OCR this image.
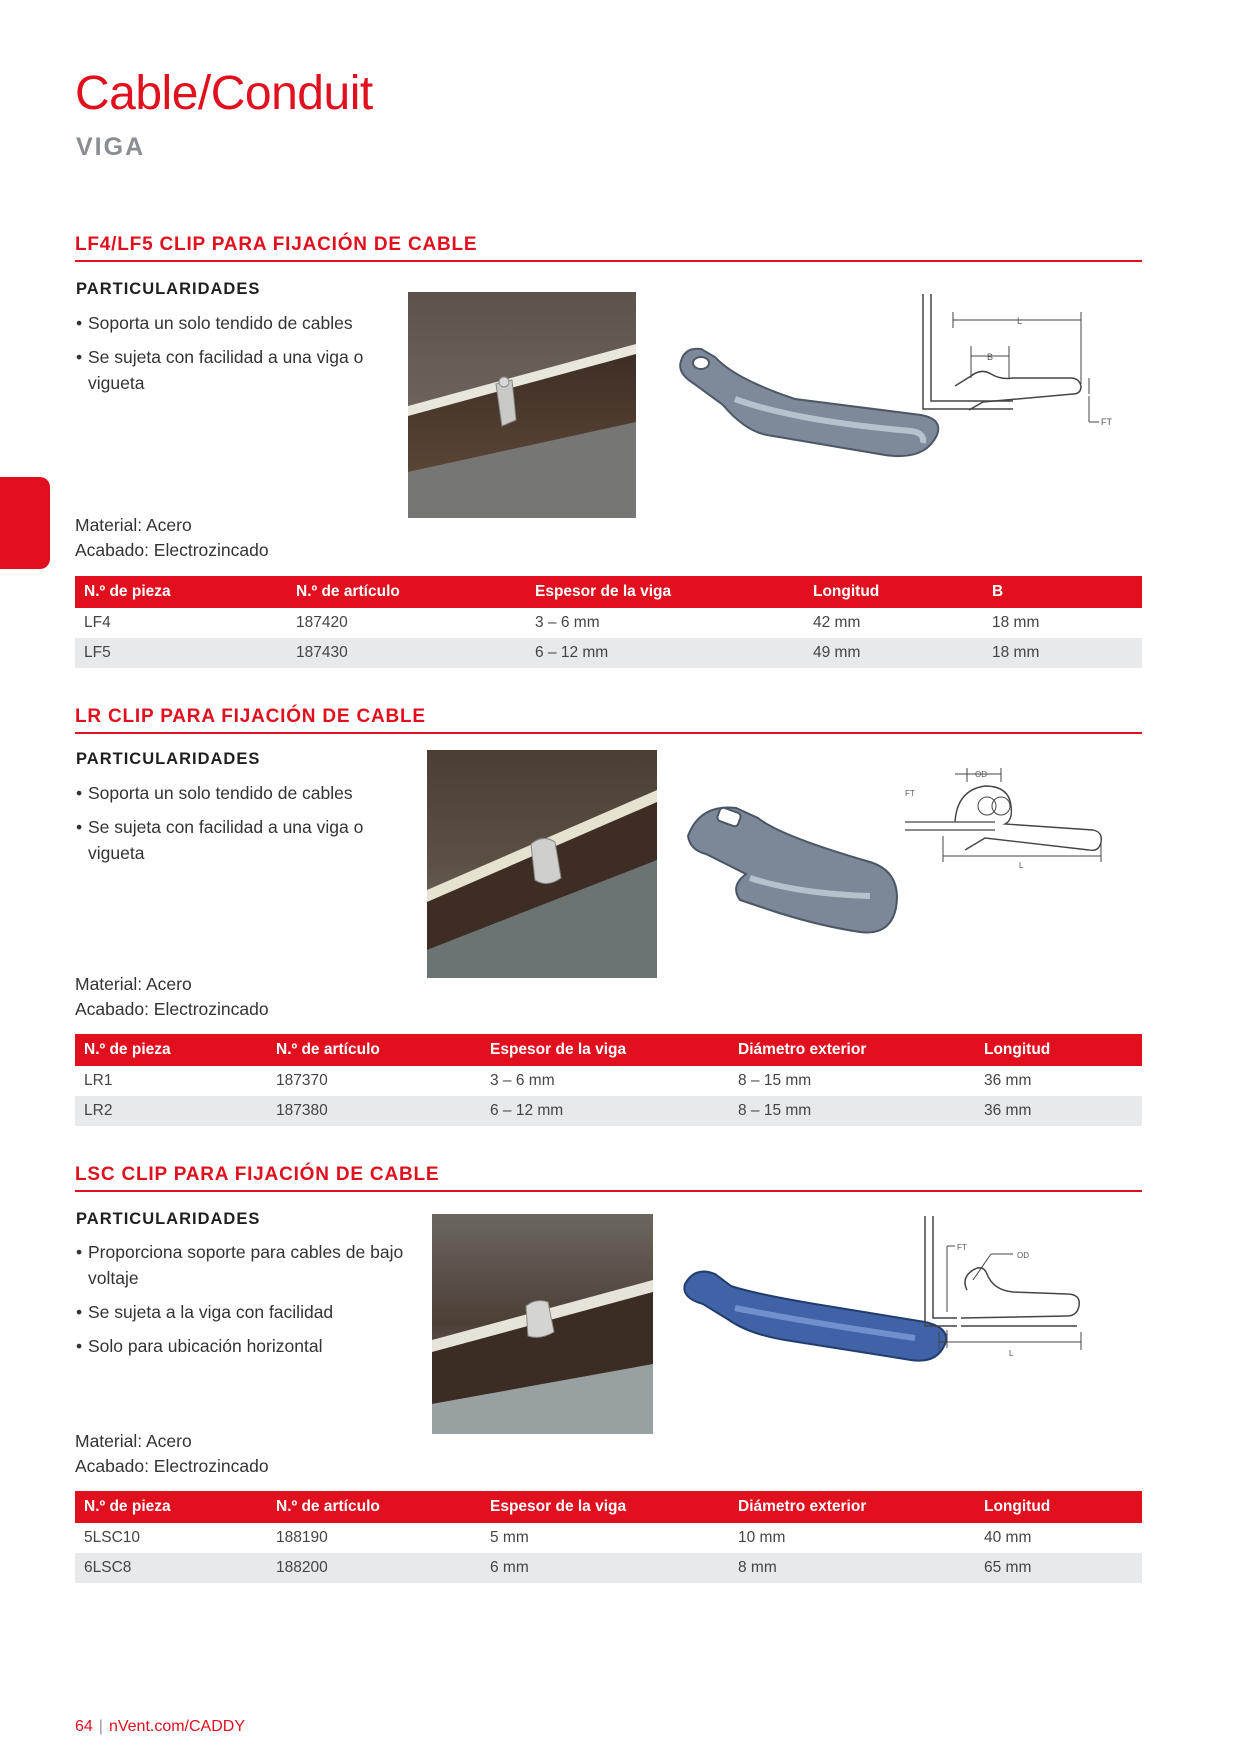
Cable/Conduit
VIGA
LF4/LF5 CLIP PARA FIJACIÓN DE CABLE
PARTICULARIDADES
• Soporta un solo tendido de cables
• Se sujeta con facilidad a una viga o vigueta
L
B
FT
Material: Acero
Acabado: Electrozincado
N.º de pieza	N.º de artículo	Espesor de la viga	Longitud	B
LF4	187420	3 – 6 mm	42 mm	18 mm
LF5	187430	6 – 12 mm	49 mm	18 mm
LR CLIP PARA FIJACIÓN DE CABLE
PARTICULARIDADES
• Soporta un solo tendido de cables
• Se sujeta con facilidad a una viga o vigueta
OD
FT
L
Material: Acero
Acabado: Electrozincado
N.º de pieza	N.º de artículo	Espesor de la viga	Diámetro exterior	Longitud
LR1	187370	3 – 6 mm	8 – 15 mm	36 mm
LR2	187380	6 – 12 mm	8 – 15 mm	36 mm
LSC CLIP PARA FIJACIÓN DE CABLE
PARTICULARIDADES
• Proporciona soporte para cables de bajo voltaje
• Se sujeta a la viga con facilidad
• Solo para ubicación horizontal
FT
OD
L
Material: Acero
Acabado: Electrozincado
N.º de pieza	N.º de artículo	Espesor de la viga	Diámetro exterior	Longitud
5LSC10	188190	5 mm	10 mm	40 mm
6LSC8	188200	6 mm	8 mm	65 mm
64 | nVent.com/CADDY
